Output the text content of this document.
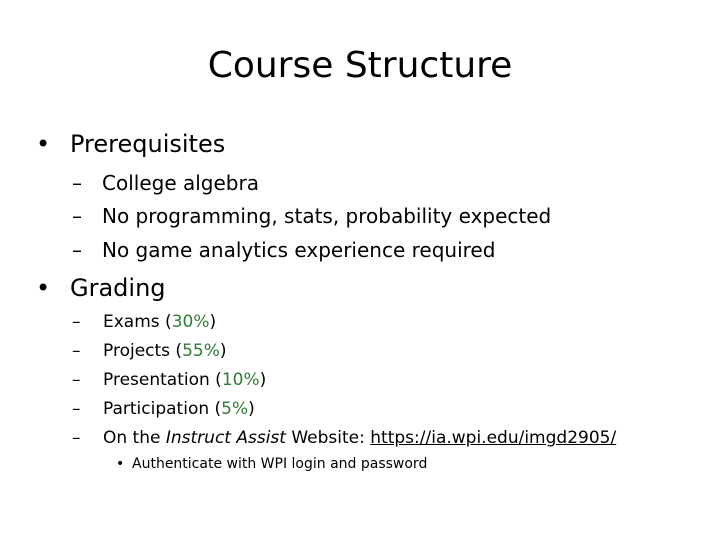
Course Structure
• Prerequisites
– College algebra
– No programming, stats, probability expected
– No game analytics experience required
• Grading
– Exams (30%)
– Projects (55%)
– Presentation (10%)
– Participation (5%)
– On the Instruct Assist Website: https://ia.wpi.edu/imgd2905/
• Authenticate with WPI login and password
